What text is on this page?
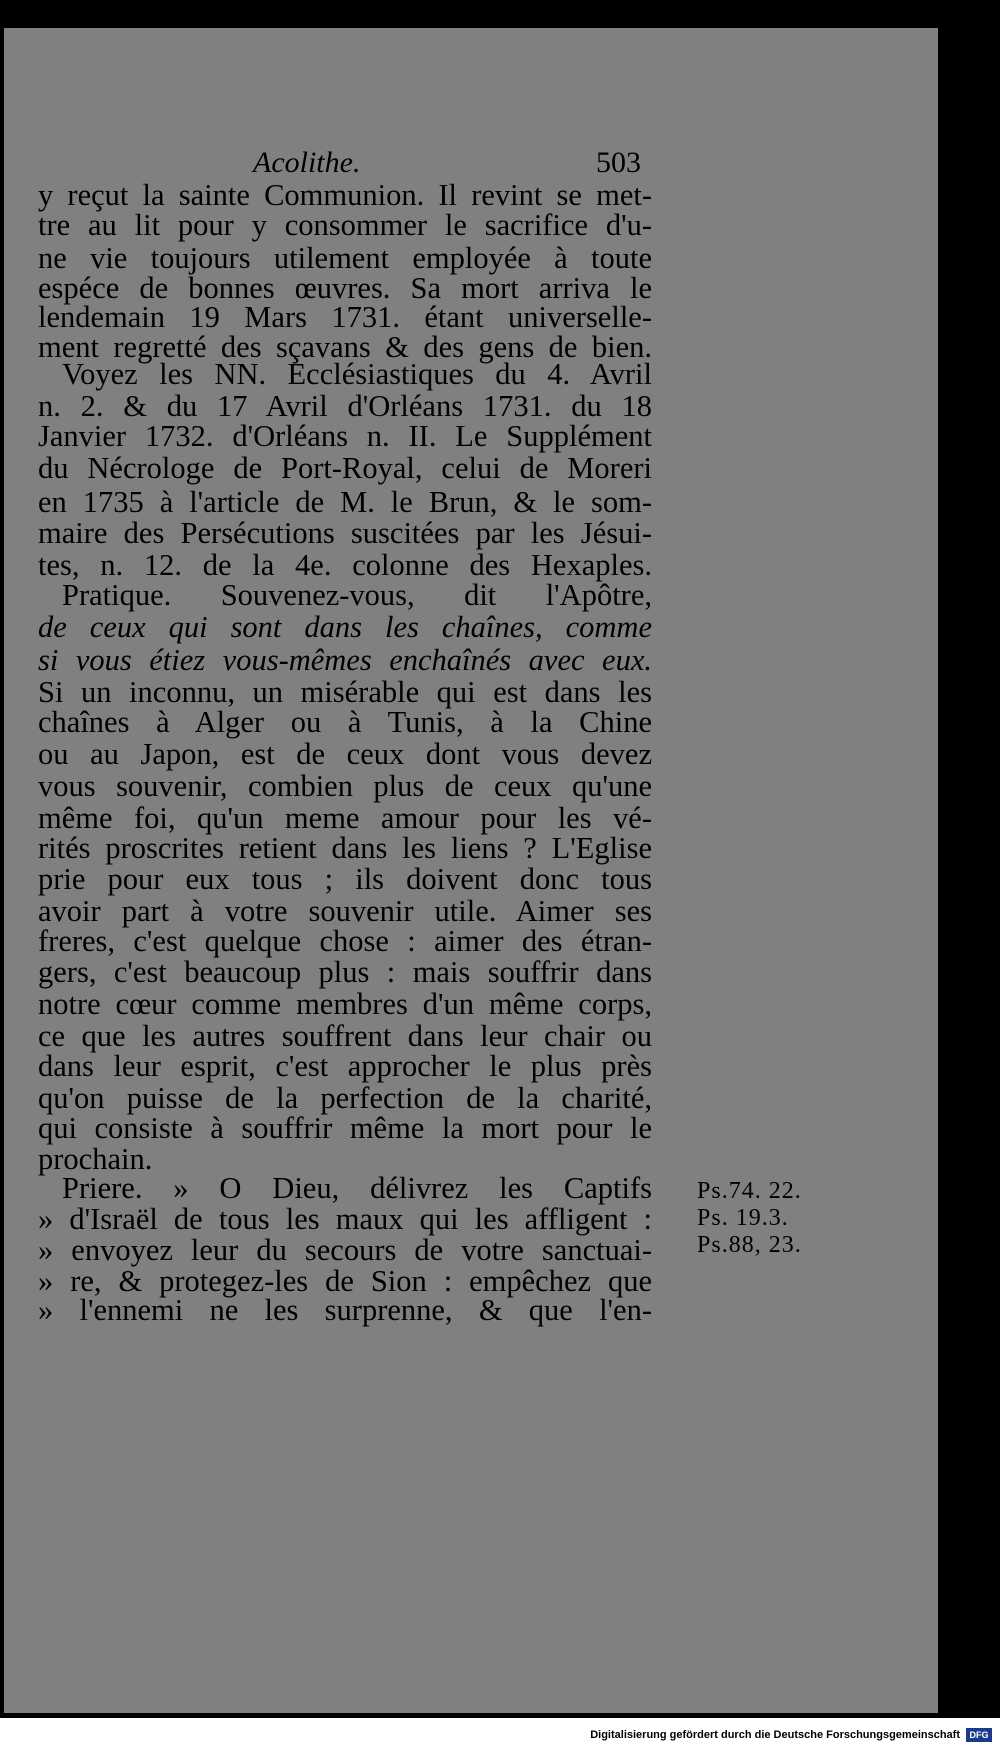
Acolithe.	503
y reçut la sainte Communion. Il revint se met-
tre au lit pour y consommer le sacrifice d'u-
ne vie toujours utilement employée à toute
espéce de bonnes œuvres. Sa mort arriva le
lendemain 19 Mars 1731. étant universelle-
ment regretté des sçavans & des gens de bien.
Voyez les NN. Ecclésiastiques du 4. Avril
n. 2. & du 17 Avril d'Orléans 1731. du 18
Janvier 1732. d'Orléans n. II. Le Supplément
du Nécrologe de Port-Royal, celui de Moreri
en 1735 à l'article de M. le Brun, & le som-
maire des Persécutions suscitées par les Jésui-
tes, n. 12. de la 4e. colonne des Hexaples.
Pratique. Souvenez-vous, dit l'Apôtre,
de ceux qui sont dans les chaînes, comme
si vous étiez vous-mêmes enchaînés avec eux.
Si un inconnu, un misérable qui est dans les
chaînes à Alger ou à Tunis, à la Chine
ou au Japon, est de ceux dont vous devez
vous souvenir, combien plus de ceux qu'une
même foi, qu'un meme amour pour les vé-
rités proscrites retient dans les liens ? L'Eglise
prie pour eux tous ; ils doivent donc tous
avoir part à votre souvenir utile. Aimer ses
freres, c'est quelque chose : aimer des étran-
gers, c'est beaucoup plus : mais souffrir dans
notre cœur comme membres d'un même corps,
ce que les autres souffrent dans leur chair ou
dans leur esprit, c'est approcher le plus près
qu'on puisse de la perfection de la charité,
qui consiste à souffrir même la mort pour le
prochain.
Priere. » O Dieu, délivrez les Captifs
» d'Israël de tous les maux qui les affligent :
» envoyez leur du secours de votre sanctuai-
» re, & protegez-les de Sion : empêchez que
» l'ennemi ne les surprenne, & que l'en-
Ps.74. 22.
Ps. 19.3.
Ps.88, 23.
Digitalisierung gefördert durch die Deutsche Forschungsgemeinschaft	DFG
